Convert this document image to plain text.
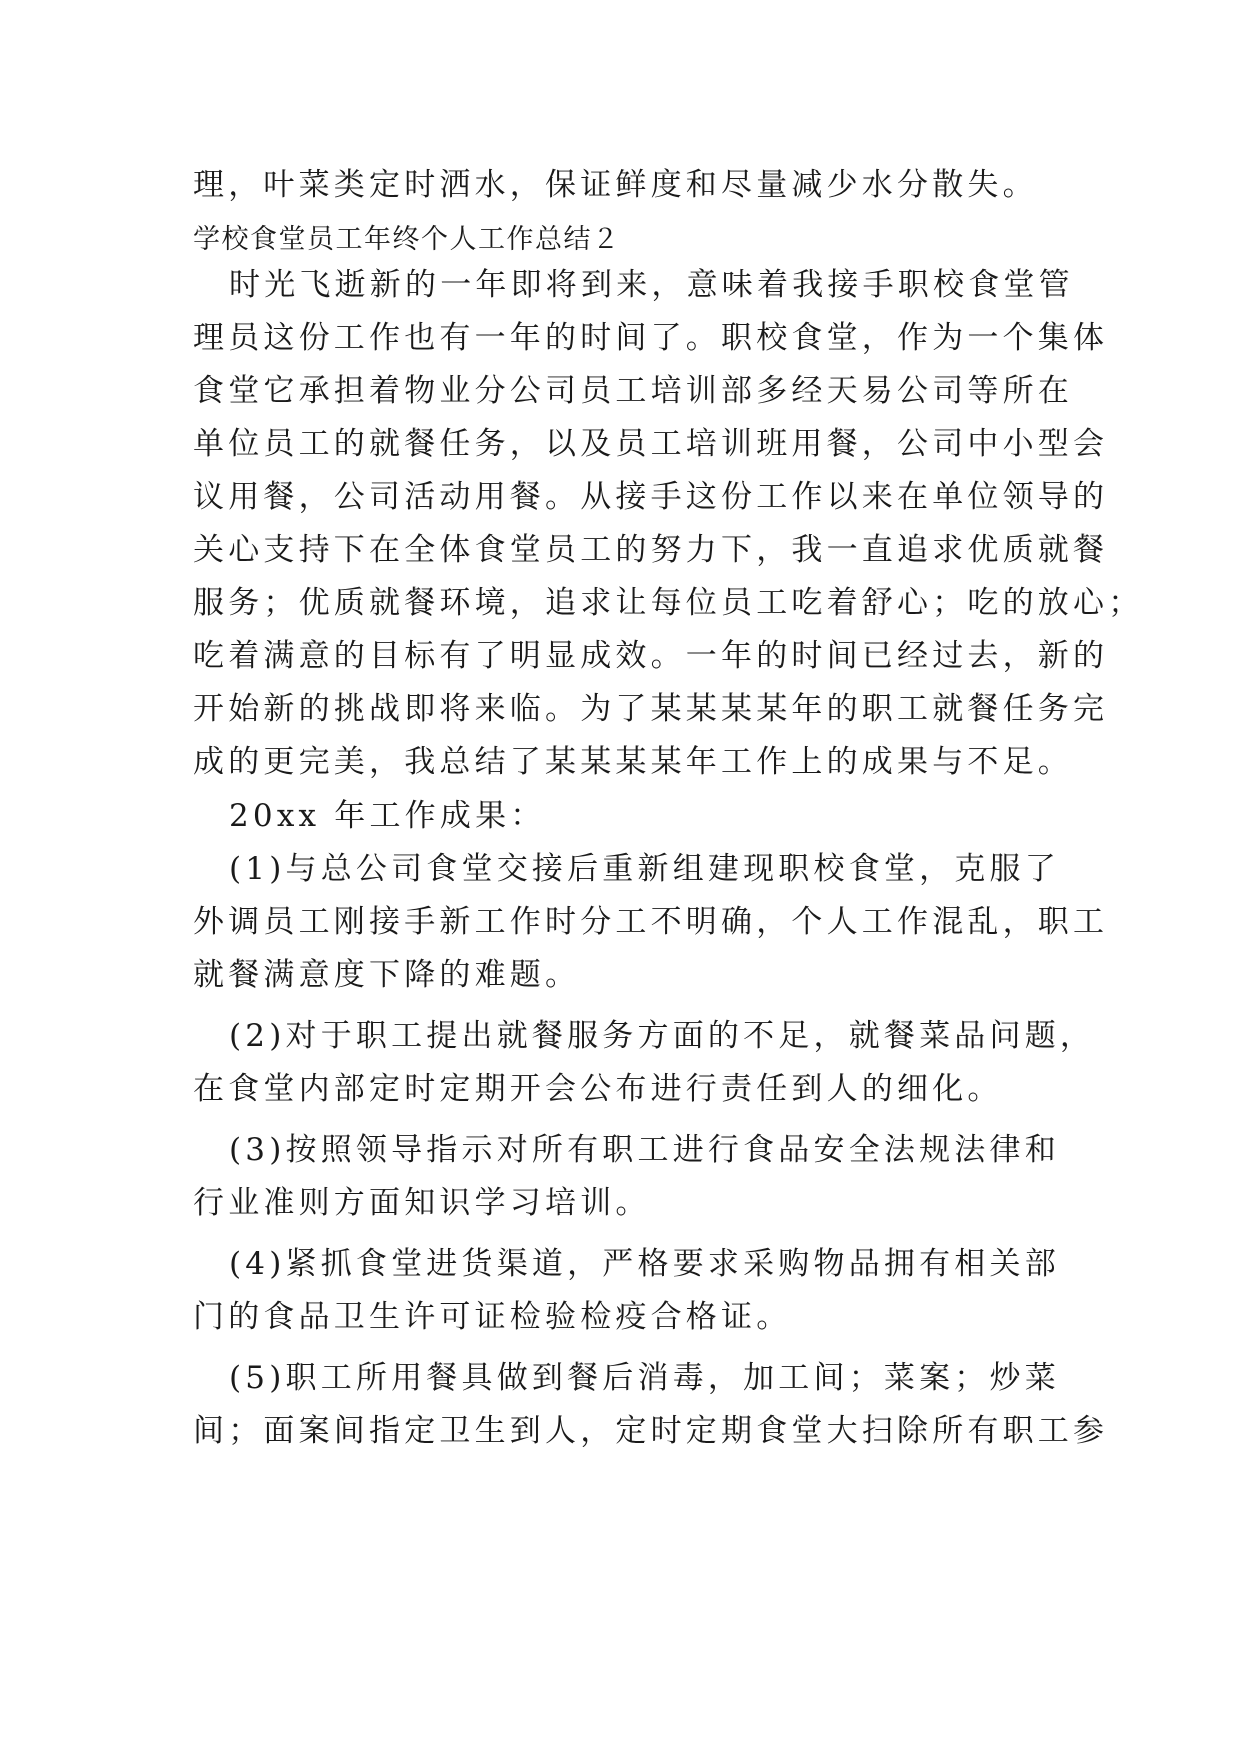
理，叶菜类定时洒水，保证鲜度和尽量减少水分散失。

学校食堂员工年终个人工作总结２

时光飞逝新的一年即将到来，意味着我接手职校食堂管

理员这份工作也有一年的时间了。职校食堂，作为一个集体

食堂它承担着物业分公司员工培训部多经天易公司等所在

单位员工的就餐任务，以及员工培训班用餐，公司中小型会

议用餐，公司活动用餐。从接手这份工作以来在单位领导的

关心支持下在全体食堂员工的努力下，我一直追求优质就餐

服务；优质就餐环境，追求让每位员工吃着舒心；吃的放心；

吃着满意的目标有了明显成效。一年的时间已经过去，新的

开始新的挑战即将来临。为了某某某某年的职工就餐任务完

成的更完美，我总结了某某某某年工作上的成果与不足。

20xx 年工作成果：

(1)与总公司食堂交接后重新组建现职校食堂，克服了

外调员工刚接手新工作时分工不明确，个人工作混乱，职工

就餐满意度下降的难题。

(2)对于职工提出就餐服务方面的不足，就餐菜品问题，

在食堂内部定时定期开会公布进行责任到人的细化。

(3)按照领导指示对所有职工进行食品安全法规法律和

行业准则方面知识学习培训。

(4)紧抓食堂进货渠道，严格要求采购物品拥有相关部

门的食品卫生许可证检验检疫合格证。

(5)职工所用餐具做到餐后消毒，加工间；菜案；炒菜

间；面案间指定卫生到人，定时定期食堂大扫除所有职工参
